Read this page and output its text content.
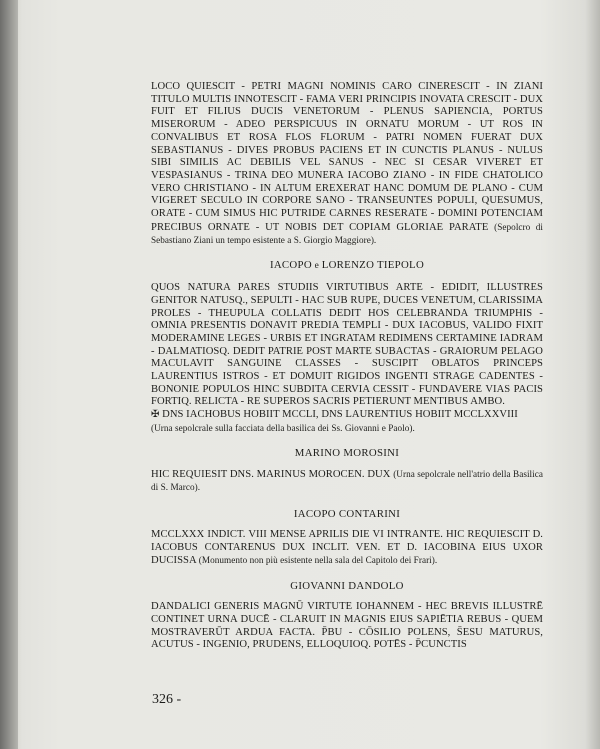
LOCO QUIESCIT - PETRI MAGNI NOMINIS CARO CINERESCIT - IN ZIANI TITULO MULTIS INNOTESCIT - FAMA VERI PRINCIPIS INOVATA CRESCIT - DUX FUIT ET FILIUS DUCIS VENETORUM - PLENUS SAPIENCIA, PORTUS MISERORUM - ADEO PERSPICUUS IN ORNATU MORUM - UT ROS IN CONVALIBUS ET ROSA FLOS FLORUM - PATRI NOMEN FUERAT DUX SEBASTIANUS - DIVES PROBUS PACIENS ET IN CUNCTIS PLANUS - NULUS SIBI SIMILIS AC DEBILIS VEL SANUS - NEC SI CESAR VIVERET ET VESPASIANUS - TRINA DEO MUNERA IACOBO ZIANO - IN FIDE CHATOLICO VERO CHRISTIANO - IN ALTUM EREXERAT HANC DOMUM DE PLANO - CUM VIGERET SECULO IN CORPORE SANO - TRANSEUNTES POPULI, QUESUMUS, ORATE - CUM SIMUS HIC PUTRIDE CARNES RESERATE - DOMINI POTENCIAM PRECIBUS ORNATE - UT NOBIS DET COPIAM GLORIAE PARATE (Sepolcro di Sebastiano Ziani un tempo esistente a S. Giorgio Maggiore).

IACOPO e LORENZO TIEPOLO

QUOS NATURA PARES STUDIIS VIRTUTIBUS ARTE - EDIDIT, ILLUSTRES GENITOR NATUSQ., SEPULTI - HAC SUB RUPE, DUCES VENETUM, CLARISSIMA PROLES - THEUPULA COLLATIS DEDIT HOS CELEBRANDA TRIUMPHIS - OMNIA PRESENTIS DONAVIT PREDIA TEMPLI - DUX IACOBUS, VALIDO FIXIT MODERAMINE LEGES - URBIS ET INGRATAM REDIMENS CERTAMINE IADRAM - DALMATIOSQ. DEDIT PATRIE POST MARTE SUBACTAS - GRAIORUM PELAGO MACULAVIT SANGUINE CLASSES - SUSCIPIT OBLATOS PRINCEPS LAURENTIUS ISTROS - ET DOMUIT RIGIDOS INGENTI STRAGE CADENTES - BONONIE POPULOS HINC SUBDITA CERVIA CESSIT - FUNDAVERE VIAS PACIS FORTIQ. RELICTA - RE SUPEROS SACRIS PETIERUNT MENTIBUS AMBO.

✠ DNS IACHOBUS HOBIIT MCCLI, DNS LAURENTIUS HOBIIT MCCLXXVIII
(Urna sepolcrale sulla facciata della basilica dei Ss. Giovanni e Paolo).

MARINO MOROSINI

HIC REQUIESIT DNS. MARINUS MOROCEN. DUX (Urna sepolcrale nell'atrio della Basilica di S. Marco).

IACOPO CONTARINI

MCCLXXX INDICT. VIII MENSE APRILIS DIE VI INTRANTE. HIC REQUIESCIT D. IACOBUS CONTARENUS DUX INCLIT. VEN. ET D. IACOBINA EIUS UXOR DUCISSA (Monumento non più esistente nella sala del Capitolo dei Frari).

GIOVANNI DANDOLO

DANDALICI GENERIS MAGNŪ VIRTUTE IOHANNEM - HEC BREVIS ILLUSTRĒ CONTINET URNA DUCĒ - CLARUIT IN MAGNIS EIUS SAPIĒTIA REBUS - QUEM MOSTRAVERŪT ARDUA FACTA. P̄BU - CŌSILIO POLENS, S̄ESU MATURUS, ACUTUS - INGENIO, PRUDENS, ELLOQUIOQ. POTĒS - P̄CUNCTIS

326 -
